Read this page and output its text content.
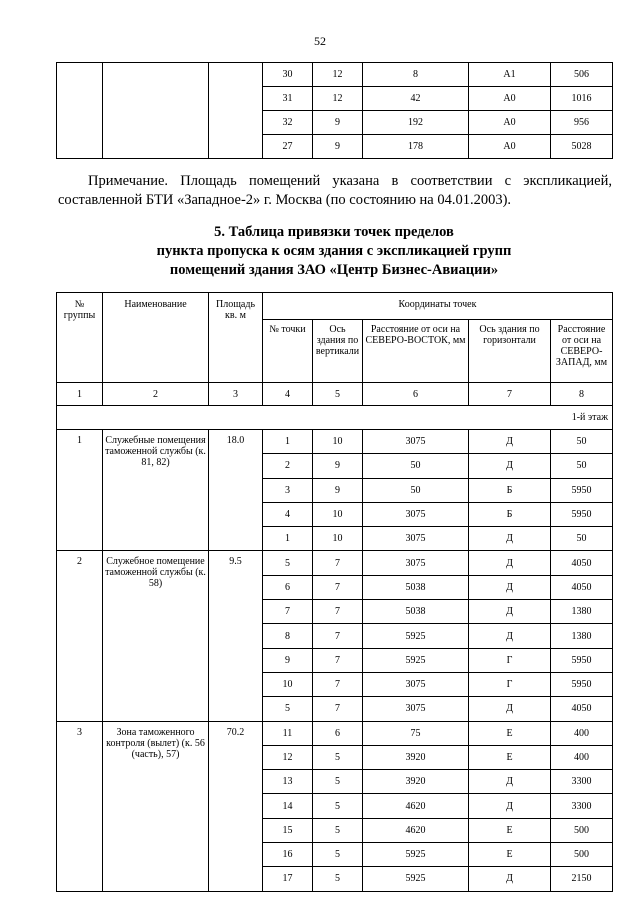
52
			30	12	8	А1	506
			31	12	42	А0	1016
			32	9	192	А0	956
			27	9	178	А0	5028

Примечание. Площадь помещений указана в соответствии с экспликацией, составленной БТИ «Западное-2» г. Москва (по состоянию на 04.01.2003).

5. Таблица привязки точек пределов
пункта пропуска к осям здания с экспликацией групп
помещений здания ЗАО «Центр Бизнес-Авиации»
№ группы	Наименование	Площадь кв. м	Координаты точек				
			№ точки	Ось здания по вертикали	Расстояние от оси на СЕВЕРО-ВОСТОК, мм	Ось здания по горизонтали	Расстояние от оси на СЕВЕРО-ЗАПАД, мм
1	2	3	4	5	6	7	8
1-й этаж							
1	Служебные помещения таможенной службы (к. 81, 82)	18.0	1	10	3075	Д	50
			2	9	50	Д	50
			3	9	50	Б	5950
			4	10	3075	Б	5950
			1	10	3075	Д	50
2	Служебное помещение таможенной службы (к. 58)	9.5	5	7	3075	Д	4050
			6	7	5038	Д	4050
			7	7	5038	Д	1380
			8	7	5925	Д	1380
			9	7	5925	Г	5950
			10	7	3075	Г	5950
			5	7	3075	Д	4050
3	Зона таможенного контроля (вылет) (к. 56 (часть), 57)	70.2	11	6	75	Е	400
			12	5	3920	Е	400
			13	5	3920	Д	3300
			14	5	4620	Д	3300
			15	5	4620	Е	500
			16	5	5925	Е	500
			17	5	5925	Д	2150
